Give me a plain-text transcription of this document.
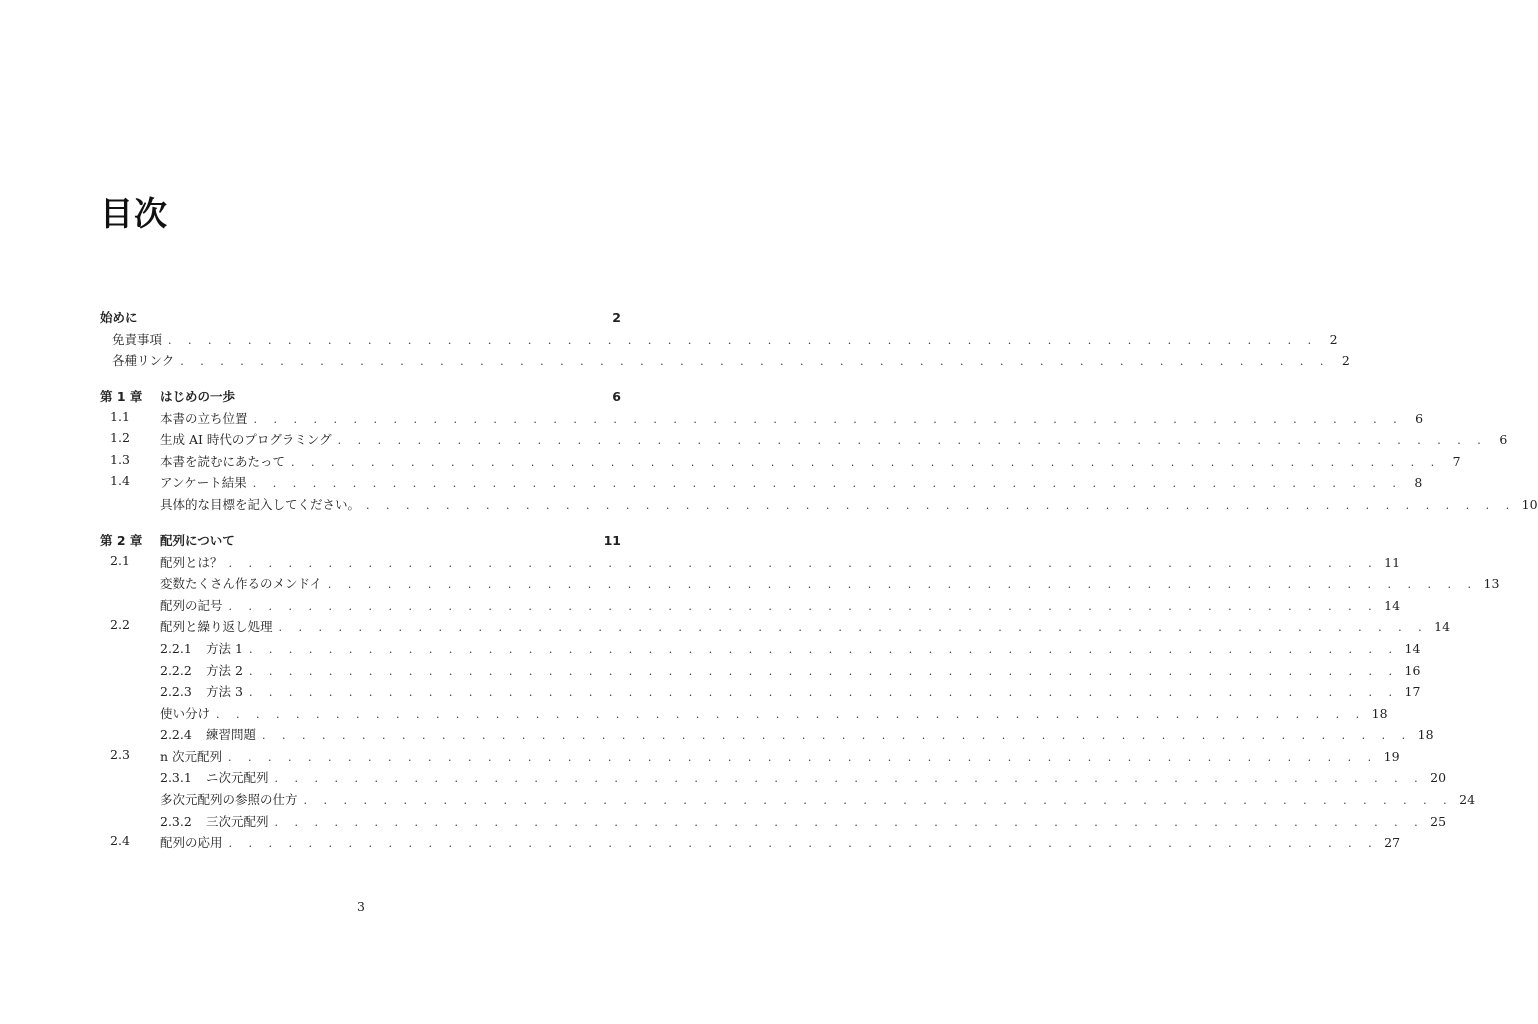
目次
始めに	2
免責事項 . . . . . . . . . . . . . . . . . . . . . . . . . . . . . . . . . . . . . . . . . . . . . . . . . . . . . . . . . . 2
各種リンク . . . . . . . . . . . . . . . . . . . . . . . . . . . . . . . . . . . . . . . . . . . . . . . . . . . . . . . . . . 2
第 1 章 はじめの一歩	6
1.1	本書の立ち位置 . . . . . . . . . . . . . . . . . . . . . . . . . . . . . . . . . . . . . . . . . . . . . . . . . . . . . . . . . . 6
1.2	生成 AI 時代のプログラミング . . . . . . . . . . . . . . . . . . . . . . . . . . . . . . . . . . . . . . . . . . . . . . . . . . . . . . . . . . 6
1.3	本書を読むにあたって . . . . . . . . . . . . . . . . . . . . . . . . . . . . . . . . . . . . . . . . . . . . . . . . . . . . . . . . . . 7
1.4	アンケート結果 . . . . . . . . . . . . . . . . . . . . . . . . . . . . . . . . . . . . . . . . . . . . . . . . . . . . . . . . . . 8
具体的な目標を記入してください。 . . . . . . . . . . . . . . . . . . . . . . . . . . . . . . . . . . . . . . . . . . . . . . . . . . . . . . . . . . 10
第 2 章 配列について	11
2.1	配列とは？ . . . . . . . . . . . . . . . . . . . . . . . . . . . . . . . . . . . . . . . . . . . . . . . . . . . . . . . . . . 11
変数たくさん作るのメンドイ . . . . . . . . . . . . . . . . . . . . . . . . . . . . . . . . . . . . . . . . . . . . . . . . . . . . . . . . . . 13
配列の記号 . . . . . . . . . . . . . . . . . . . . . . . . . . . . . . . . . . . . . . . . . . . . . . . . . . . . . . . . . . 14
2.2	配列と繰り返し処理 . . . . . . . . . . . . . . . . . . . . . . . . . . . . . . . . . . . . . . . . . . . . . . . . . . . . . . . . . . 14
2.2.1	方法 1 . . . . . . . . . . . . . . . . . . . . . . . . . . . . . . . . . . . . . . . . . . . . . . . . . . . . . . . . . . 14
2.2.2	方法 2 . . . . . . . . . . . . . . . . . . . . . . . . . . . . . . . . . . . . . . . . . . . . . . . . . . . . . . . . . . 16
2.2.3	方法 3 . . . . . . . . . . . . . . . . . . . . . . . . . . . . . . . . . . . . . . . . . . . . . . . . . . . . . . . . . . 17
使い分け . . . . . . . . . . . . . . . . . . . . . . . . . . . . . . . . . . . . . . . . . . . . . . . . . . . . . . . . . . 18
2.2.4	練習問題 . . . . . . . . . . . . . . . . . . . . . . . . . . . . . . . . . . . . . . . . . . . . . . . . . . . . . . . . . . 18
2.3	n 次元配列 . . . . . . . . . . . . . . . . . . . . . . . . . . . . . . . . . . . . . . . . . . . . . . . . . . . . . . . . . . 19
2.3.1	ニ次元配列 . . . . . . . . . . . . . . . . . . . . . . . . . . . . . . . . . . . . . . . . . . . . . . . . . . . . . . . . . . 20
多次元配列の参照の仕方 . . . . . . . . . . . . . . . . . . . . . . . . . . . . . . . . . . . . . . . . . . . . . . . . . . . . . . . . . . 24
2.3.2	三次元配列 . . . . . . . . . . . . . . . . . . . . . . . . . . . . . . . . . . . . . . . . . . . . . . . . . . . . . . . . . . 25
2.4	配列の応用 . . . . . . . . . . . . . . . . . . . . . . . . . . . . . . . . . . . . . . . . . . . . . . . . . . . . . . . . . . 27
3
